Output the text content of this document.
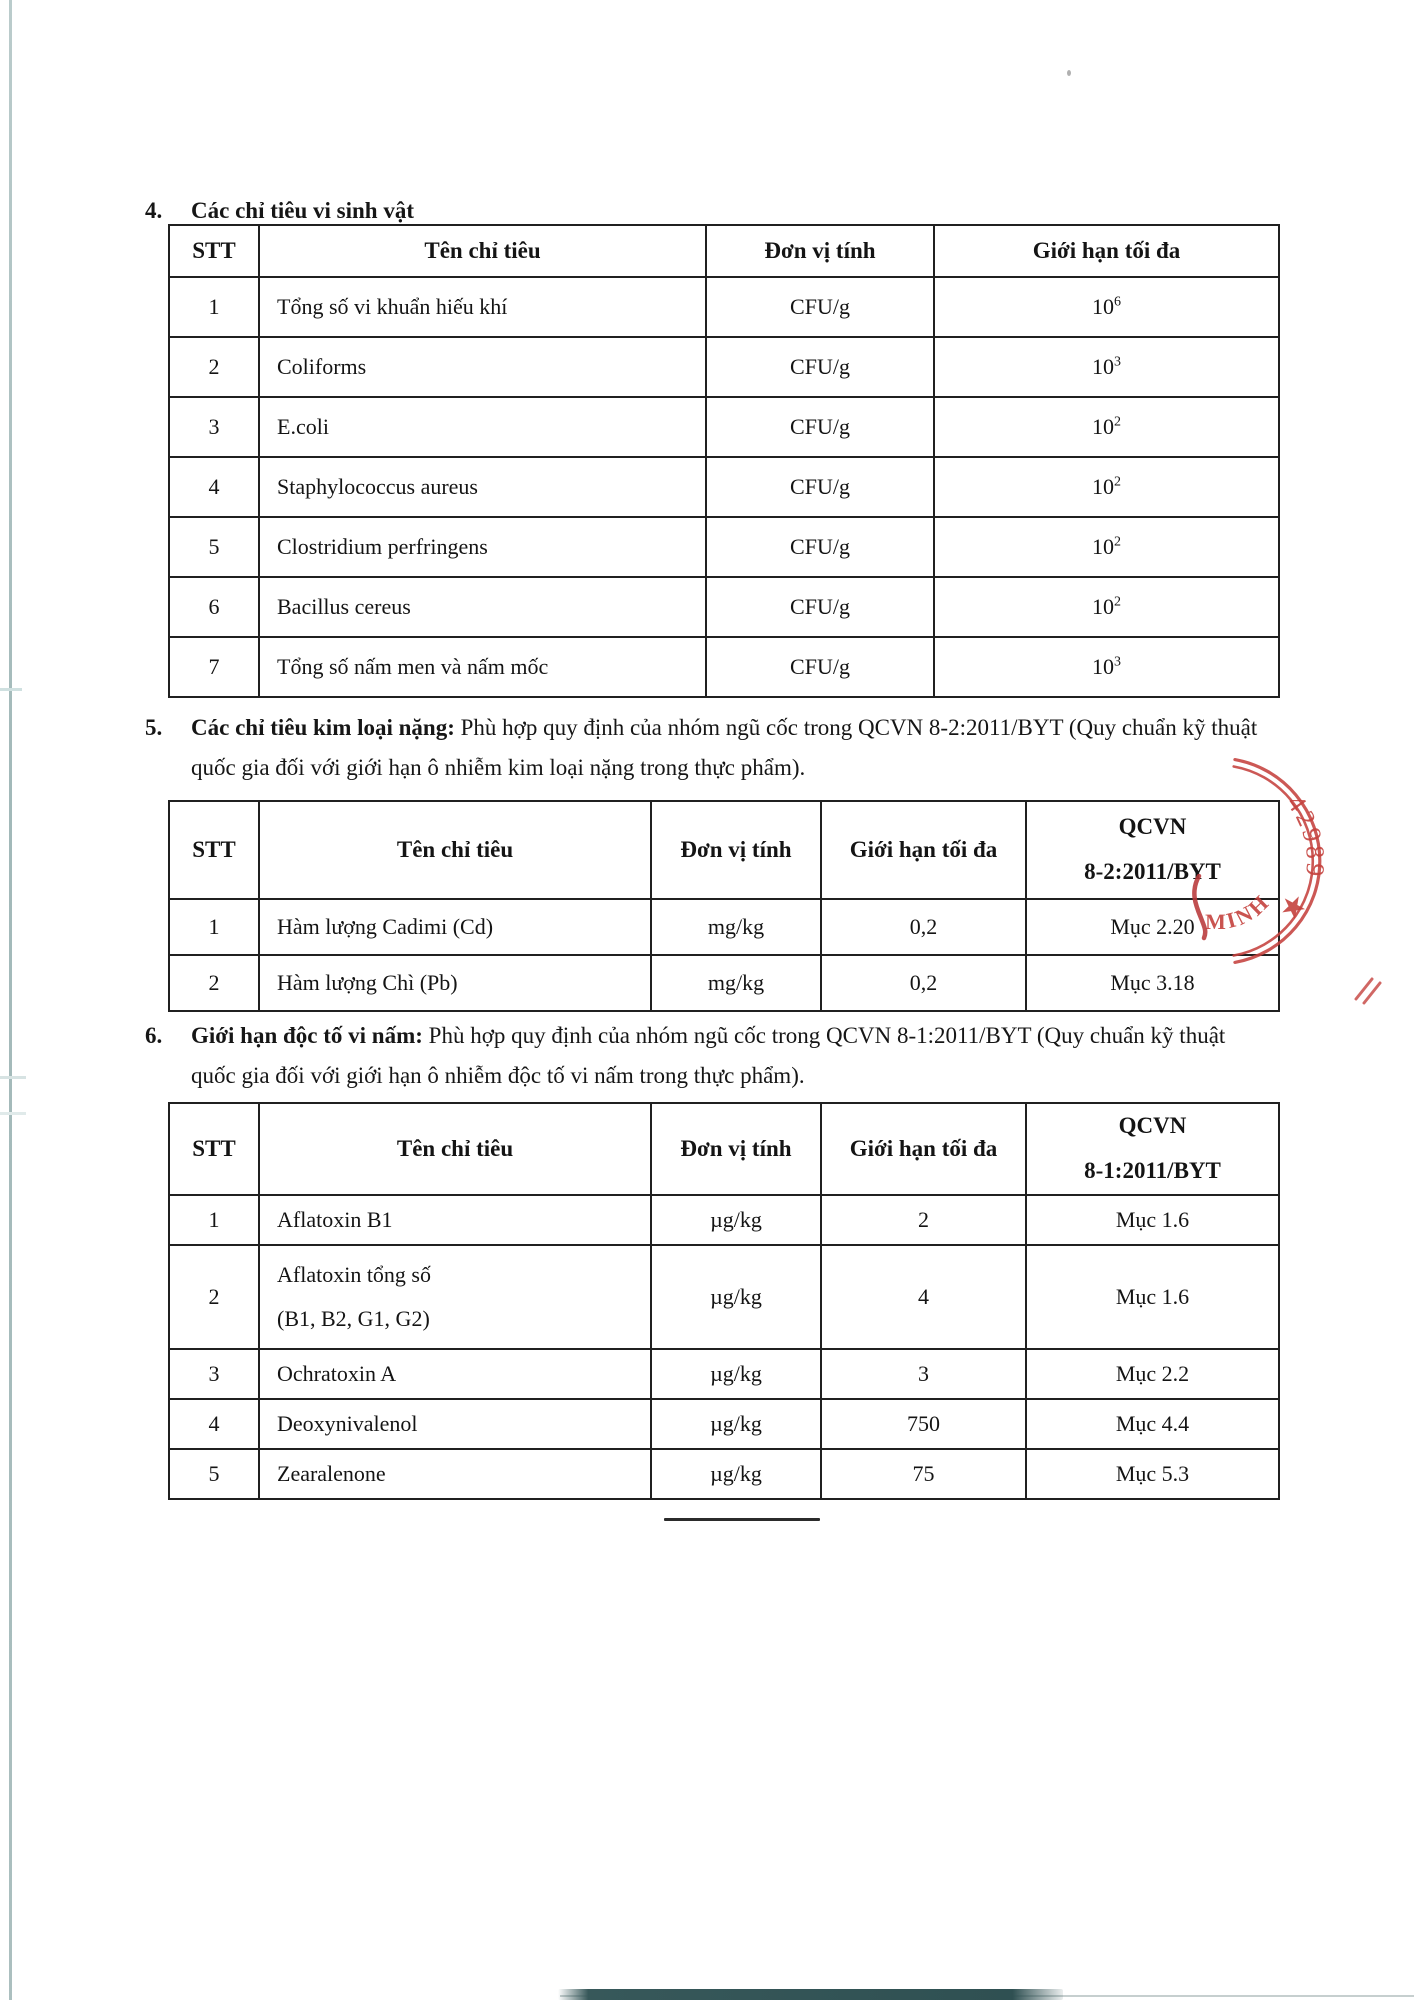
4.	Các chỉ tiêu vi sinh vật
STT	Tên chỉ tiêu	Đơn vị tính	Giới hạn tối đa
1	Tổng số vi khuẩn hiếu khí	CFU/g	$10^6$
2	Coliforms	CFU/g	$10^3$
3	E.coli	CFU/g	$10^2$
4	Staphylococcus aureus	CFU/g	$10^2$
5	Clostridium perfringens	CFU/g	$10^2$
6	Bacillus cereus	CFU/g	$10^2$
7	Tổng số nấm men và nấm mốc	CFU/g	$10^3$
5.	Các chỉ tiêu kim loại nặng: Phù hợp quy định của nhóm ngũ cốc trong QCVN 8-2:2011/BYT (Quy chuẩn kỹ thuật quốc gia đối với giới hạn ô nhiễm kim loại nặng trong thực phẩm).
STT	Tên chỉ tiêu	Đơn vị tính	Giới hạn tối đa	QCVN
8-2:2011/BYT

1	Hàm lượng Cadimi (Cd)	mg/kg	0,2	Mục 2.20
2	Hàm lượng Chì (Pb)	mg/kg	0,2	Mục 3.18
6.	Giới hạn độc tố vi nấm: Phù hợp quy định của nhóm ngũ cốc trong QCVN 8-1:2011/BYT (Quy chuẩn kỹ thuật quốc gia đối với giới hạn ô nhiễm độc tố vi nấm trong thực phẩm).
STT	Tên chỉ tiêu	Đơn vị tính	Giới hạn tối đa	QCVN
8-1:2011/BYT

1	Aflatoxin B1	µg/kg	2	Mục 1.6
2	Aflatoxin tổng số
(B1, B2, G1, G2)	µg/kg	4	Mục 1.6
3	Ochratoxin A	µg/kg	3	Mục 2.2
4	Deoxynivalenol	µg/kg	750	Mục 4.4
5	Zearalenone	µg/kg	75	Mục 5.3
42989
MINH
★
